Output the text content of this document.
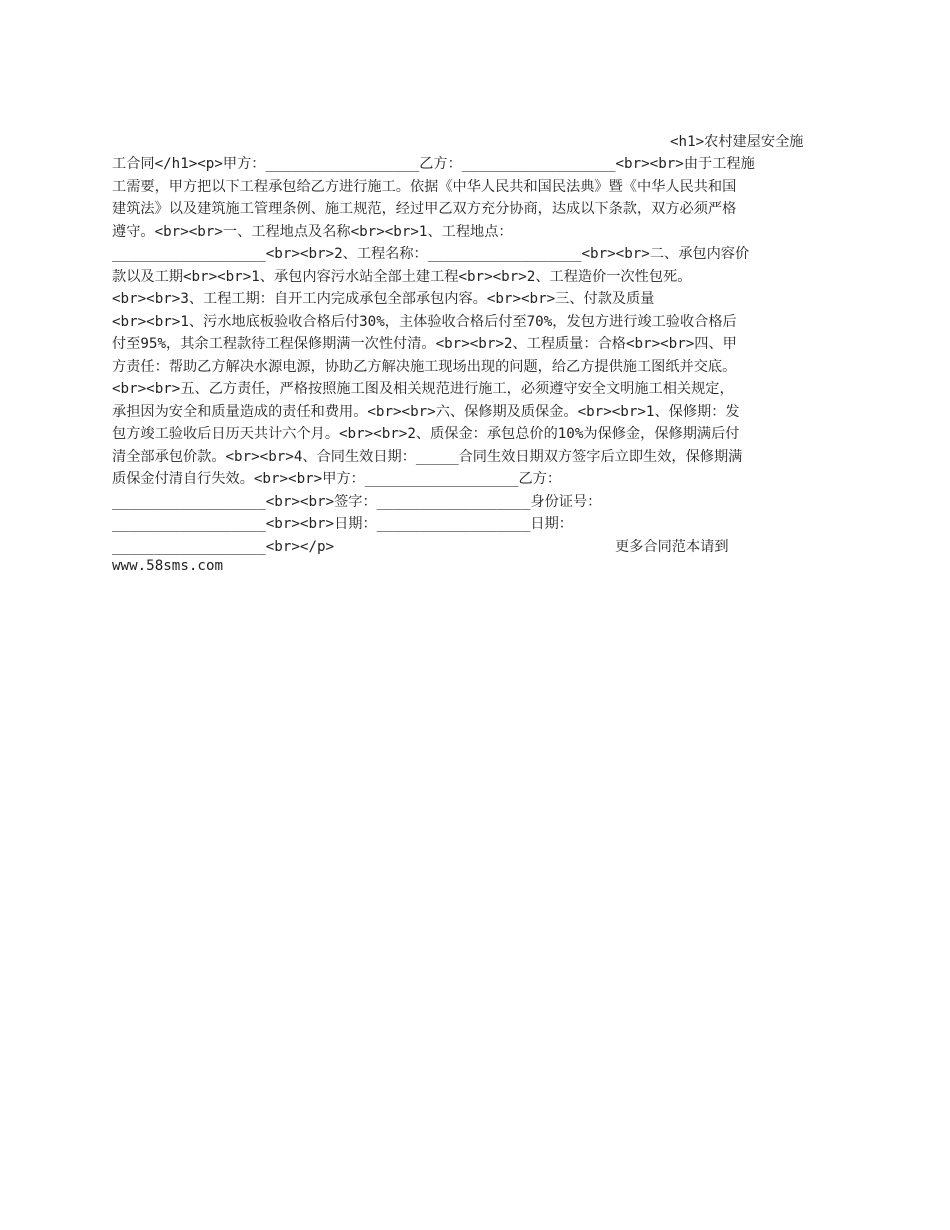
<h1>农村建屋安全施
工合同</h1><p>甲方：__________________乙方：__________________<br><br>由于工程施
工需要，甲方把以下工程承包给乙方进行施工。依据《中华人民共和国民法典》暨《中华人民共和国
建筑法》以及建筑施工管理条例、施工规范，经过甲乙双方充分协商，达成以下条款，双方必须严格
遵守。<br><br>一、工程地点及名称<br><br>1、工程地点：
__________________<br><br>2、工程名称：__________________<br><br>二、承包内容价
款以及工期<br><br>1、承包内容污水站全部土建工程<br><br>2、工程造价一次性包死。
<br><br>3、工程工期：自开工内完成承包全部承包内容。<br><br>三、付款及质量
<br><br>1、污水地底板验收合格后付30%，主体验收合格后付至70%，发包方进行竣工验收合格后
付至95%，其余工程款待工程保修期满一次性付清。<br><br>2、工程质量：合格<br><br>四、甲
方责任：帮助乙方解决水源电源，协助乙方解决施工现场出现的问题，给乙方提供施工图纸并交底。
<br><br>五、乙方责任，严格按照施工图及相关规范进行施工，必须遵守安全文明施工相关规定，
承担因为安全和质量造成的责任和费用。<br><br>六、保修期及质保金。<br><br>1、保修期：发
包方竣工验收后日历天共计六个月。<br><br>2、质保金：承包总价的10%为保修金，保修期满后付
清全部承包价款。<br><br>4、合同生效日期：_____合同生效日期双方签字后立即生效，保修期满
质保金付清自行失效。<br><br>甲方：__________________乙方：
__________________<br><br>签字：__________________身份证号：
__________________<br><br>日期：__________________日期：
__________________<br></p>	更多合同范本请到
www.58sms.com
